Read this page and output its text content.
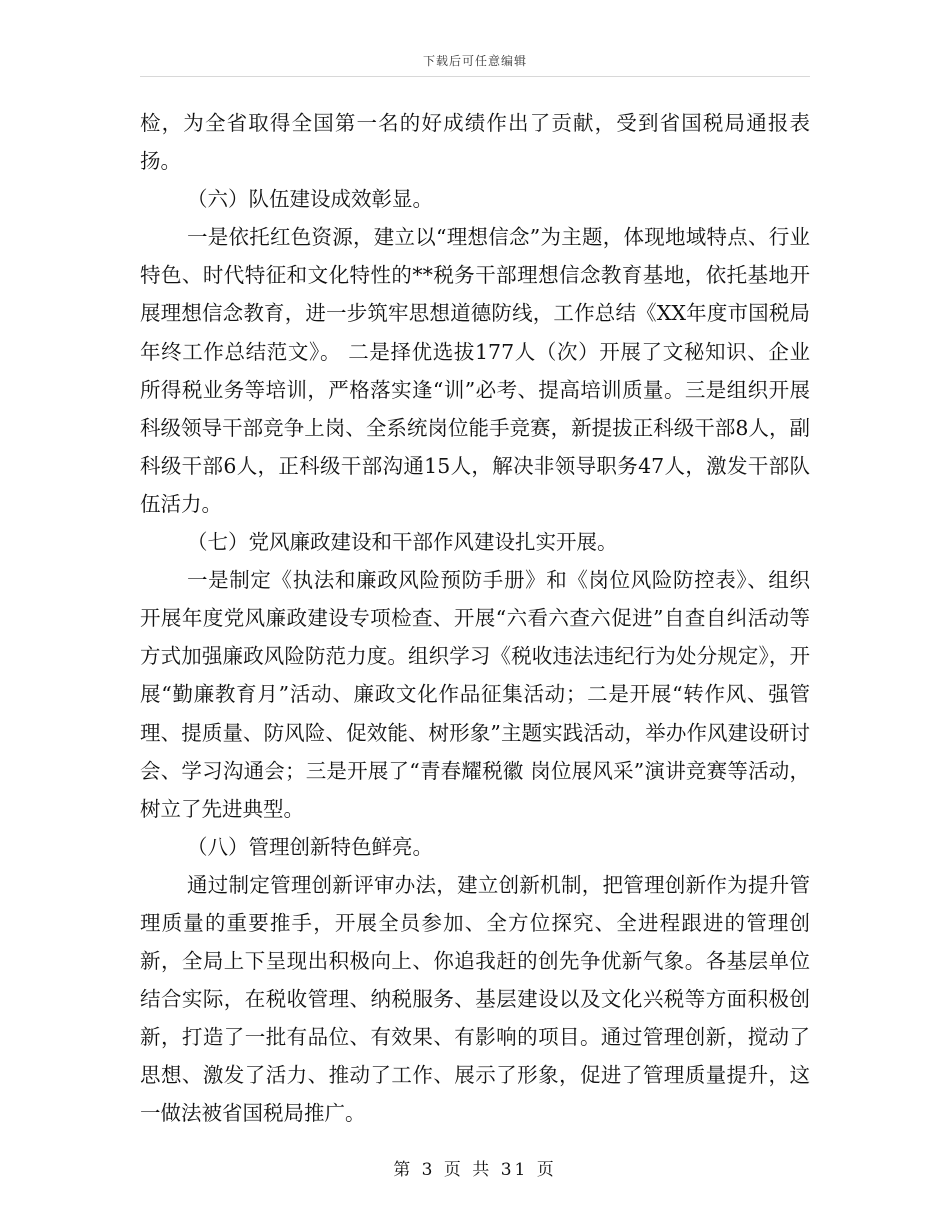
下载后可任意编辑

检，为全省取得全国第一名的好成绩作出了贡献，受到省国税局通报表扬。

（六）队伍建设成效彰显。

一是依托红色资源，建立以“理想信念”为主题，体现地域特点、行业特色、时代特征和文化特性的**税务干部理想信念教育基地，依托基地开展理想信念教育，进一步筑牢思想道德防线，工作总结《XX年度市国税局年终工作总结范文》。 二是择优选拔177人（次）开展了文秘知识、企业所得税业务等培训，严格落实逢“训”必考、提高培训质量。三是组织开展科级领导干部竞争上岗、全系统岗位能手竞赛，新提拔正科级干部8人，副科级干部6人，正科级干部沟通15人，解决非领导职务47人，激发干部队伍活力。

（七）党风廉政建设和干部作风建设扎实开展。

一是制定《执法和廉政风险预防手册》和《岗位风险防控表》、组织开展年度党风廉政建设专项检查、开展“六看六查六促进”自查自纠活动等方式加强廉政风险防范力度。组织学习《税收违法违纪行为处分规定》，开展“勤廉教育月”活动、廉政文化作品征集活动；二是开展“转作风、强管理、提质量、防风险、促效能、树形象”主题实践活动，举办作风建设研讨会、学习沟通会；三是开展了“青春耀税徽 岗位展风采”演讲竞赛等活动，树立了先进典型。

（八）管理创新特色鲜亮。

通过制定管理创新评审办法，建立创新机制，把管理创新作为提升管理质量的重要推手，开展全员参加、全方位探究、全进程跟进的管理创新，全局上下呈现出积极向上、你追我赶的创先争优新气象。各基层单位结合实际，在税收管理、纳税服务、基层建设以及文化兴税等方面积极创新，打造了一批有品位、有效果、有影响的项目。通过管理创新，搅动了思想、激发了活力、推动了工作、展示了形象，促进了管理质量提升，这一做法被省国税局推广。

第 3 页 共 31 页
